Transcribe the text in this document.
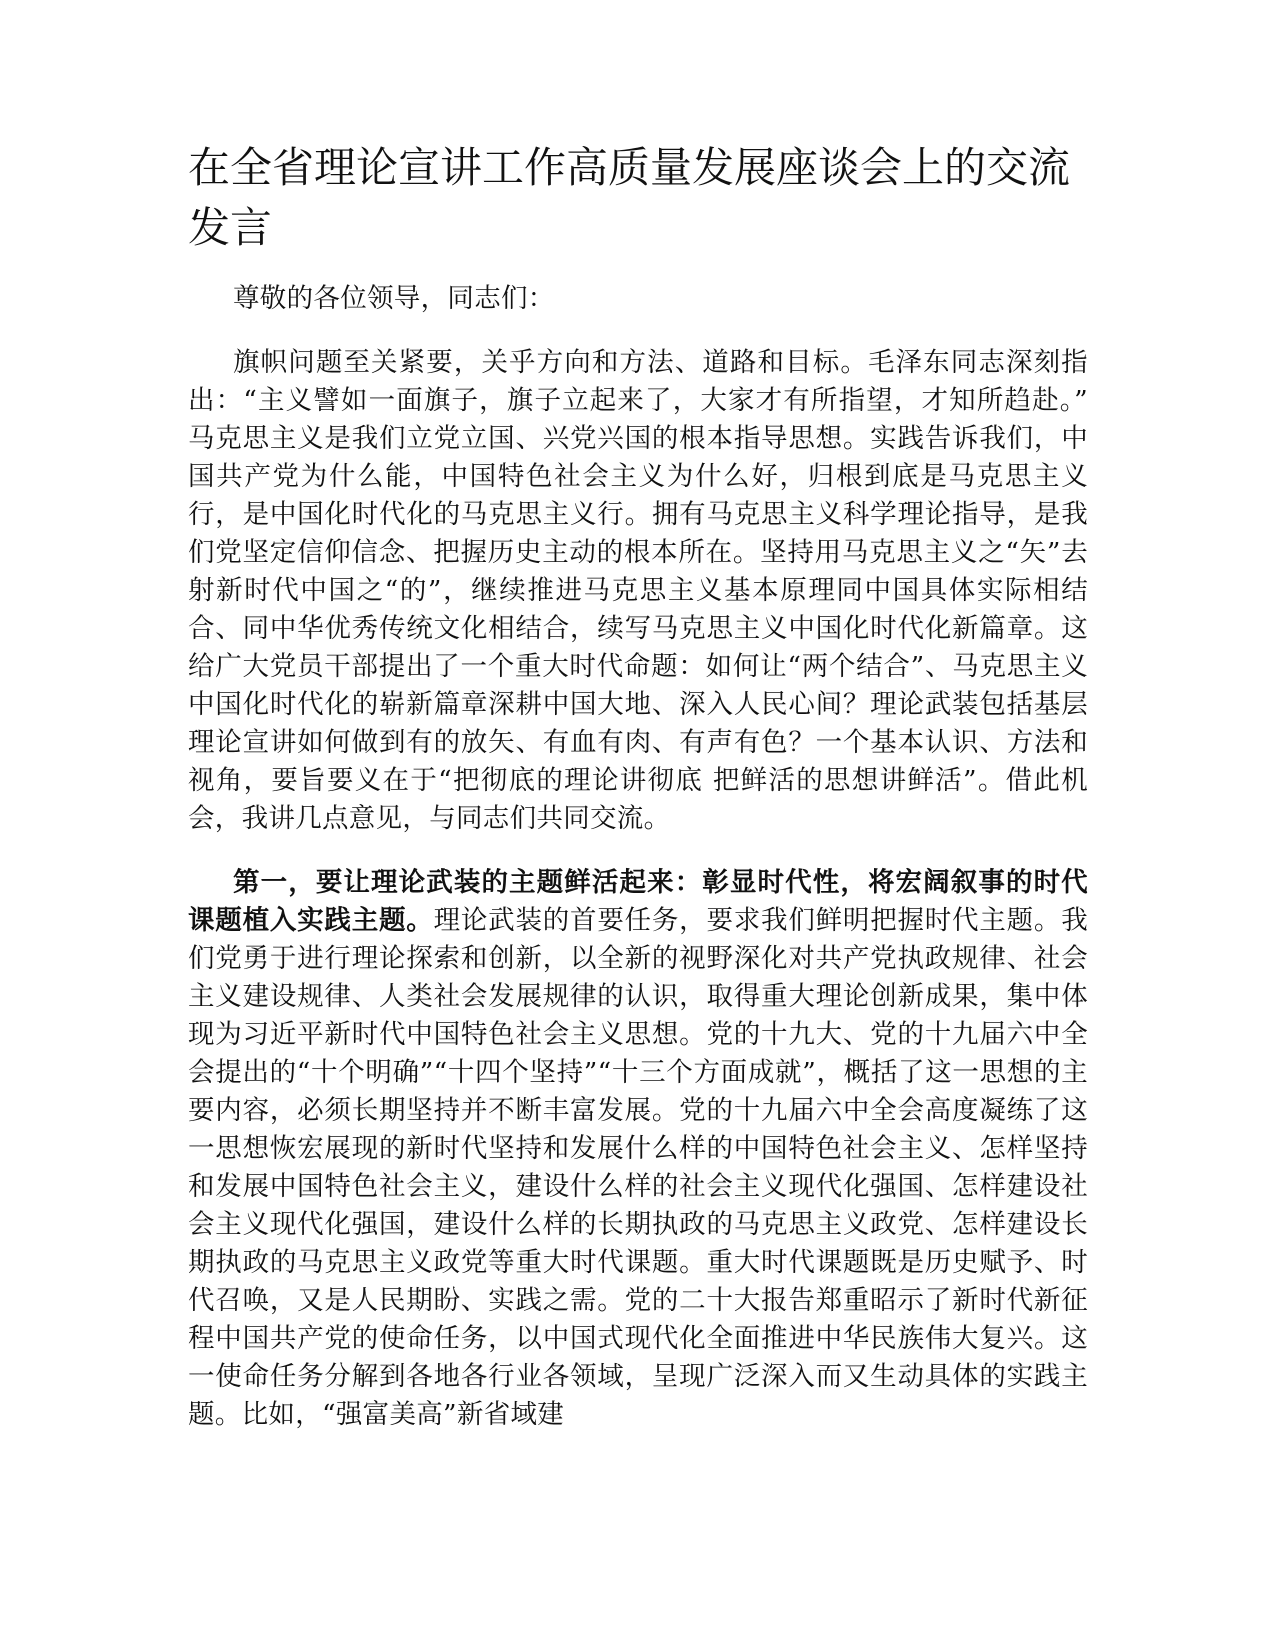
在全省理论宣讲工作高质量发展座谈会上的交流发言

尊敬的各位领导，同志们：

旗帜问题至关紧要，关乎方向和方法、道路和目标。毛泽东同志深刻指出：“主义譬如一面旗子，旗子立起来了，大家才有所指望，才知所趋赴。” 马克思主义是我们立党立国、兴党兴国的根本指导思想。实践告诉我们，中国共产党为什么能，中国特色社会主义为什么好，归根到底是马克思主义行，是中国化时代化的马克思主义行。拥有马克思主义科学理论指导，是我们党坚定信仰信念、把握历史主动的根本所在。坚持用马克思主义之“矢”去射新时代中国之“的”，继续推进马克思主义基本原理同中国具体实际相结合、同中华优秀传统文化相结合，续写马克思主义中国化时代化新篇章。这给广大党员干部提出了一个重大时代命题：如何让“两个结合”、马克思主义中国化时代化的崭新篇章深耕中国大地、深入人民心间？理论武装包括基层理论宣讲如何做到有的放矢、有血有肉、有声有色？一个基本认识、方法和视角，要旨要义在于“把彻底的理论讲彻底 把鲜活的思想讲鲜活”。借此机会，我讲几点意见，与同志们共同交流。

第一，要让理论武装的主题鲜活起来：彰显时代性，将宏阔叙事的时代课题植入实践主题。理论武装的首要任务，要求我们鲜明把握时代主题。我们党勇于进行理论探索和创新，以全新的视野深化对共产党执政规律、社会主义建设规律、人类社会发展规律的认识，取得重大理论创新成果，集中体现为习近平新时代中国特色社会主义思想。党的十九大、党的十九届六中全会提出的“十个明确”“十四个坚持”“十三个方面成就”，概括了这一思想的主要内容，必须长期坚持并不断丰富发展。党的十九届六中全会高度凝练了这一思想恢宏展现的新时代坚持和发展什么样的中国特色社会主义、怎样坚持和发展中国特色社会主义，建设什么样的社会主义现代化强国、怎样建设社会主义现代化强国，建设什么样的长期执政的马克思主义政党、怎样建设长期执政的马克思主义政党等重大时代课题。重大时代课题既是历史赋予、时代召唤，又是人民期盼、实践之需。党的二十大报告郑重昭示了新时代新征程中国共产党的使命任务，以中国式现代化全面推进中华民族伟大复兴。这一使命任务分解到各地各行业各领域，呈现广泛深入而又生动具体的实践主题。比如，“强富美高”新省域建
